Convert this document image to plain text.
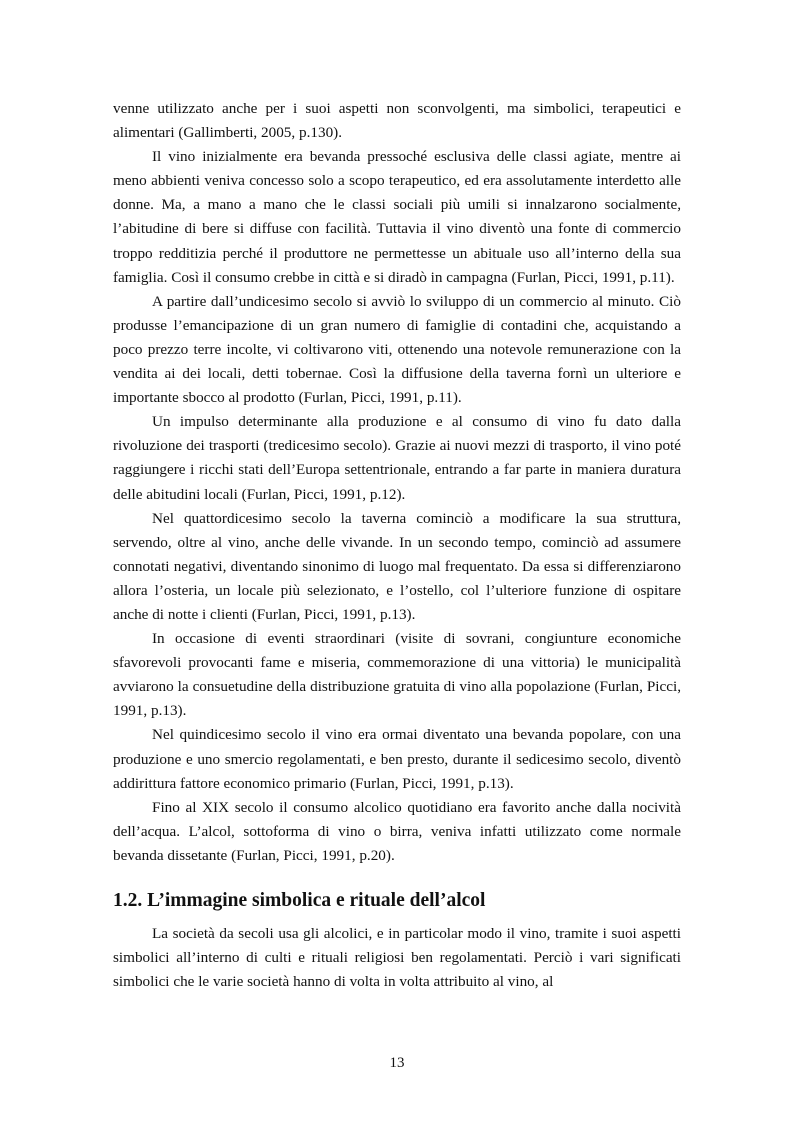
venne utilizzato anche per i suoi aspetti non sconvolgenti, ma simbolici, terapeutici e alimentari (Gallimberti, 2005, p.130).

Il vino inizialmente era bevanda pressoché esclusiva delle classi agiate, mentre ai meno abbienti veniva concesso solo a scopo terapeutico, ed era assolutamente interdetto alle donne. Ma, a mano a mano che le classi sociali più umili si innalzarono socialmente, l’abitudine di bere si diffuse con facilità. Tuttavia il vino diventò una fonte di commercio troppo redditizia perché il produttore ne permettesse un abituale uso all’interno della sua famiglia. Così il consumo crebbe in città e si diradò in campagna (Furlan, Picci, 1991, p.11).

A partire dall’undicesimo secolo si avviò lo sviluppo di un commercio al minuto. Ciò produsse l’emancipazione di un gran numero di famiglie di contadini che, acquistando a poco prezzo terre incolte, vi coltivarono viti, ottenendo una notevole remunerazione con la vendita ai dei locali, detti tobernae. Così la diffusione della taverna fornì un ulteriore e importante sbocco al prodotto (Furlan, Picci, 1991, p.11).

Un impulso determinante alla produzione e al consumo di vino fu dato dalla rivoluzione dei trasporti (tredicesimo secolo). Grazie ai nuovi mezzi di trasporto, il vino poté raggiungere i ricchi stati dell’Europa settentrionale, entrando a far parte in maniera duratura delle abitudini locali (Furlan, Picci, 1991, p.12).

Nel quattordicesimo secolo la taverna cominciò a modificare la sua struttura, servendo, oltre al vino, anche delle vivande. In un secondo tempo, cominciò ad assumere connotati negativi, diventando sinonimo di luogo mal frequentato. Da essa si differenziarono allora l’osteria, un locale più selezionato, e l’ostello, col l’ulteriore funzione di ospitare anche di notte i clienti (Furlan, Picci, 1991, p.13).

In occasione di eventi straordinari (visite di sovrani, congiunture economiche sfavorevoli provocanti fame e miseria, commemorazione di una vittoria) le municipalità avviarono la consuetudine della distribuzione gratuita di vino alla popolazione (Furlan, Picci, 1991, p.13).

Nel quindicesimo secolo il vino era ormai diventato una bevanda popolare, con una produzione e uno smercio regolamentati, e ben presto, durante il sedicesimo secolo, diventò addirittura fattore economico primario (Furlan, Picci, 1991, p.13).

Fino al XIX secolo il consumo alcolico quotidiano era favorito anche dalla nocività dell’acqua. L’alcol, sottoforma di vino o birra, veniva infatti utilizzato come normale bevanda dissetante (Furlan, Picci, 1991, p.20).

1.2. L’immagine simbolica e rituale dell’alcol

La società da secoli usa gli alcolici, e in particolar modo il vino, tramite i suoi aspetti simbolici all’interno di culti e rituali religiosi ben regolamentati. Perciò i vari significati simbolici che le varie società hanno di volta in volta attribuito al vino, al

13
